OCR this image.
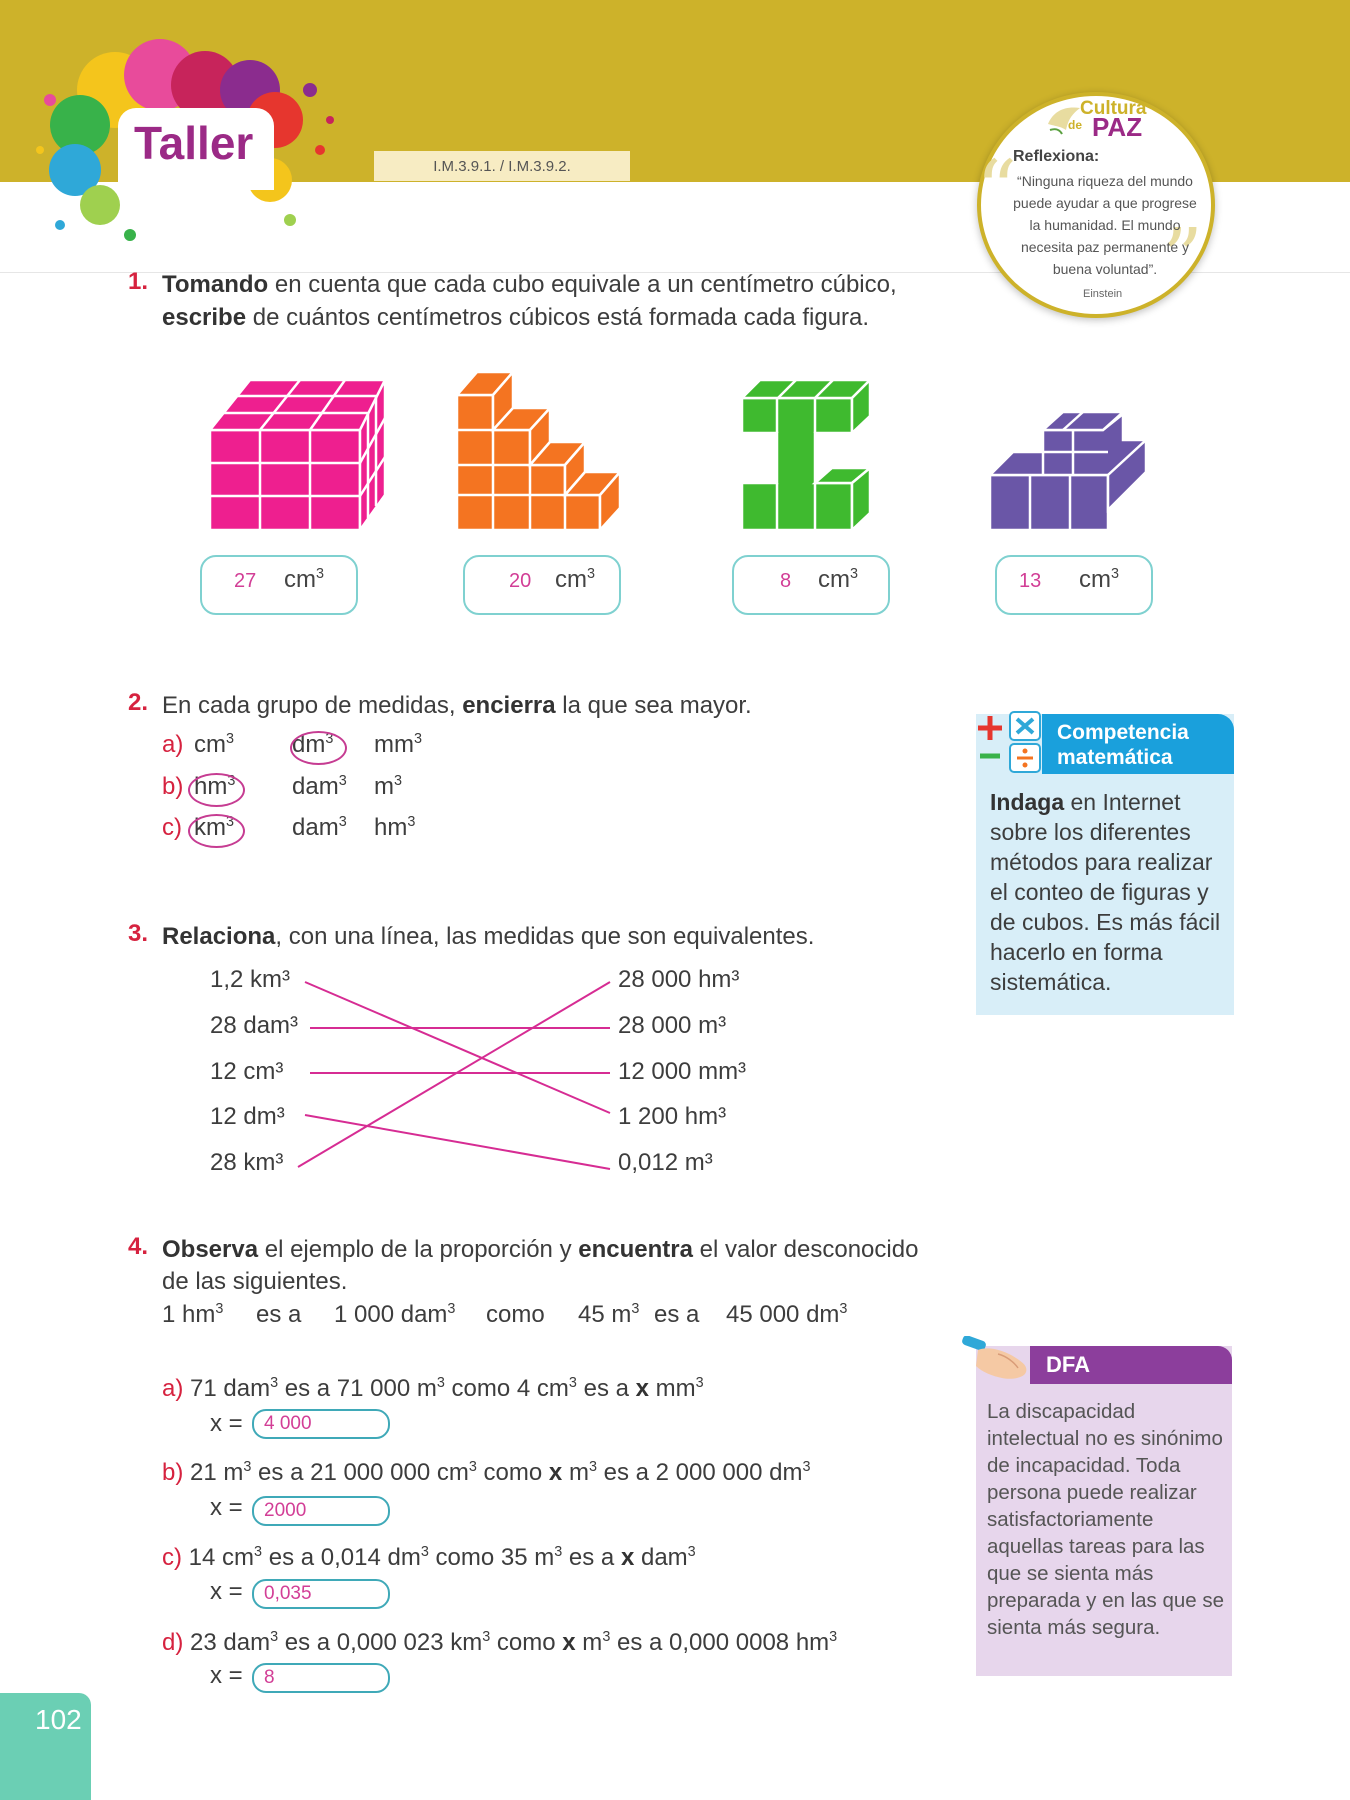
Taller	I.M.3.9.1. / I.M.3.9.2.
Cultura
de PAZ
“
”
Reflexiona:
“Ninguna riqueza del mundo puede ayudar a que progrese la humanidad. El mundo necesita paz permanente y buena voluntad”.
Einstein
1. Tomando en cuenta que cada cubo equivale a un centímetro cúbico,
escribe de cuántos centímetros cúbicos está formada cada figura.
27 $cm^3$	20 $cm^3$	8 $cm^3$	13 $cm^3$
2. En cada grupo de medidas, encierra la que sea mayor.
a) $cm^3$ $dm^3$ $mm^3$
b) $hm^3$ dam$^3$ $m^3$
c) $km^3$ dam$^3$ $hm^3$
Competencia
matemática
Indaga en Internet sobre los diferentes métodos para realizar el conteo de figuras y de cubos. Es más fácil hacerlo en forma sistemática.
3. Relaciona, con una línea, las medidas que son equivalentes.
1,2 km³
28 dam³
12 cm³
12 dm³
28 km³
28 000 hm³
28 000 m³
12 000 mm³
1 200 hm³
0,012 m³
4. Observa el ejemplo de la proporción y encuentra el valor desconocido
de las siguientes.
1 $hm^3$ es a 1 000 dam$^3$ como 45 $m^3$ es a 45 000 $dm^3$
a) 71 dam$^3$ es a 71 000 $m^3$ como 4 $cm^3$ es a x $mm^3$
x =	4 000
b) 21 $m^3$ es a 21 000 000 $cm^3$ como x $m^3$ es a 2 000 000 $dm^3$
x =	2000
c) 14 $cm^3$ es a 0,014 $dm^3$ como 35 $m^3$ es a x dam$^3$
x =	0,035
d) 23 dam$^3$ es a 0,000 023 $km^3$ como x $m^3$ es a 0,000 0008 $hm^3$
x =	8
DFA
La discapacidad intelectual no es sinónimo de incapacidad. Toda persona puede realizar satisfactoriamente aquellas tareas para las que se sienta más preparada y en las que se sienta más segura.
102
